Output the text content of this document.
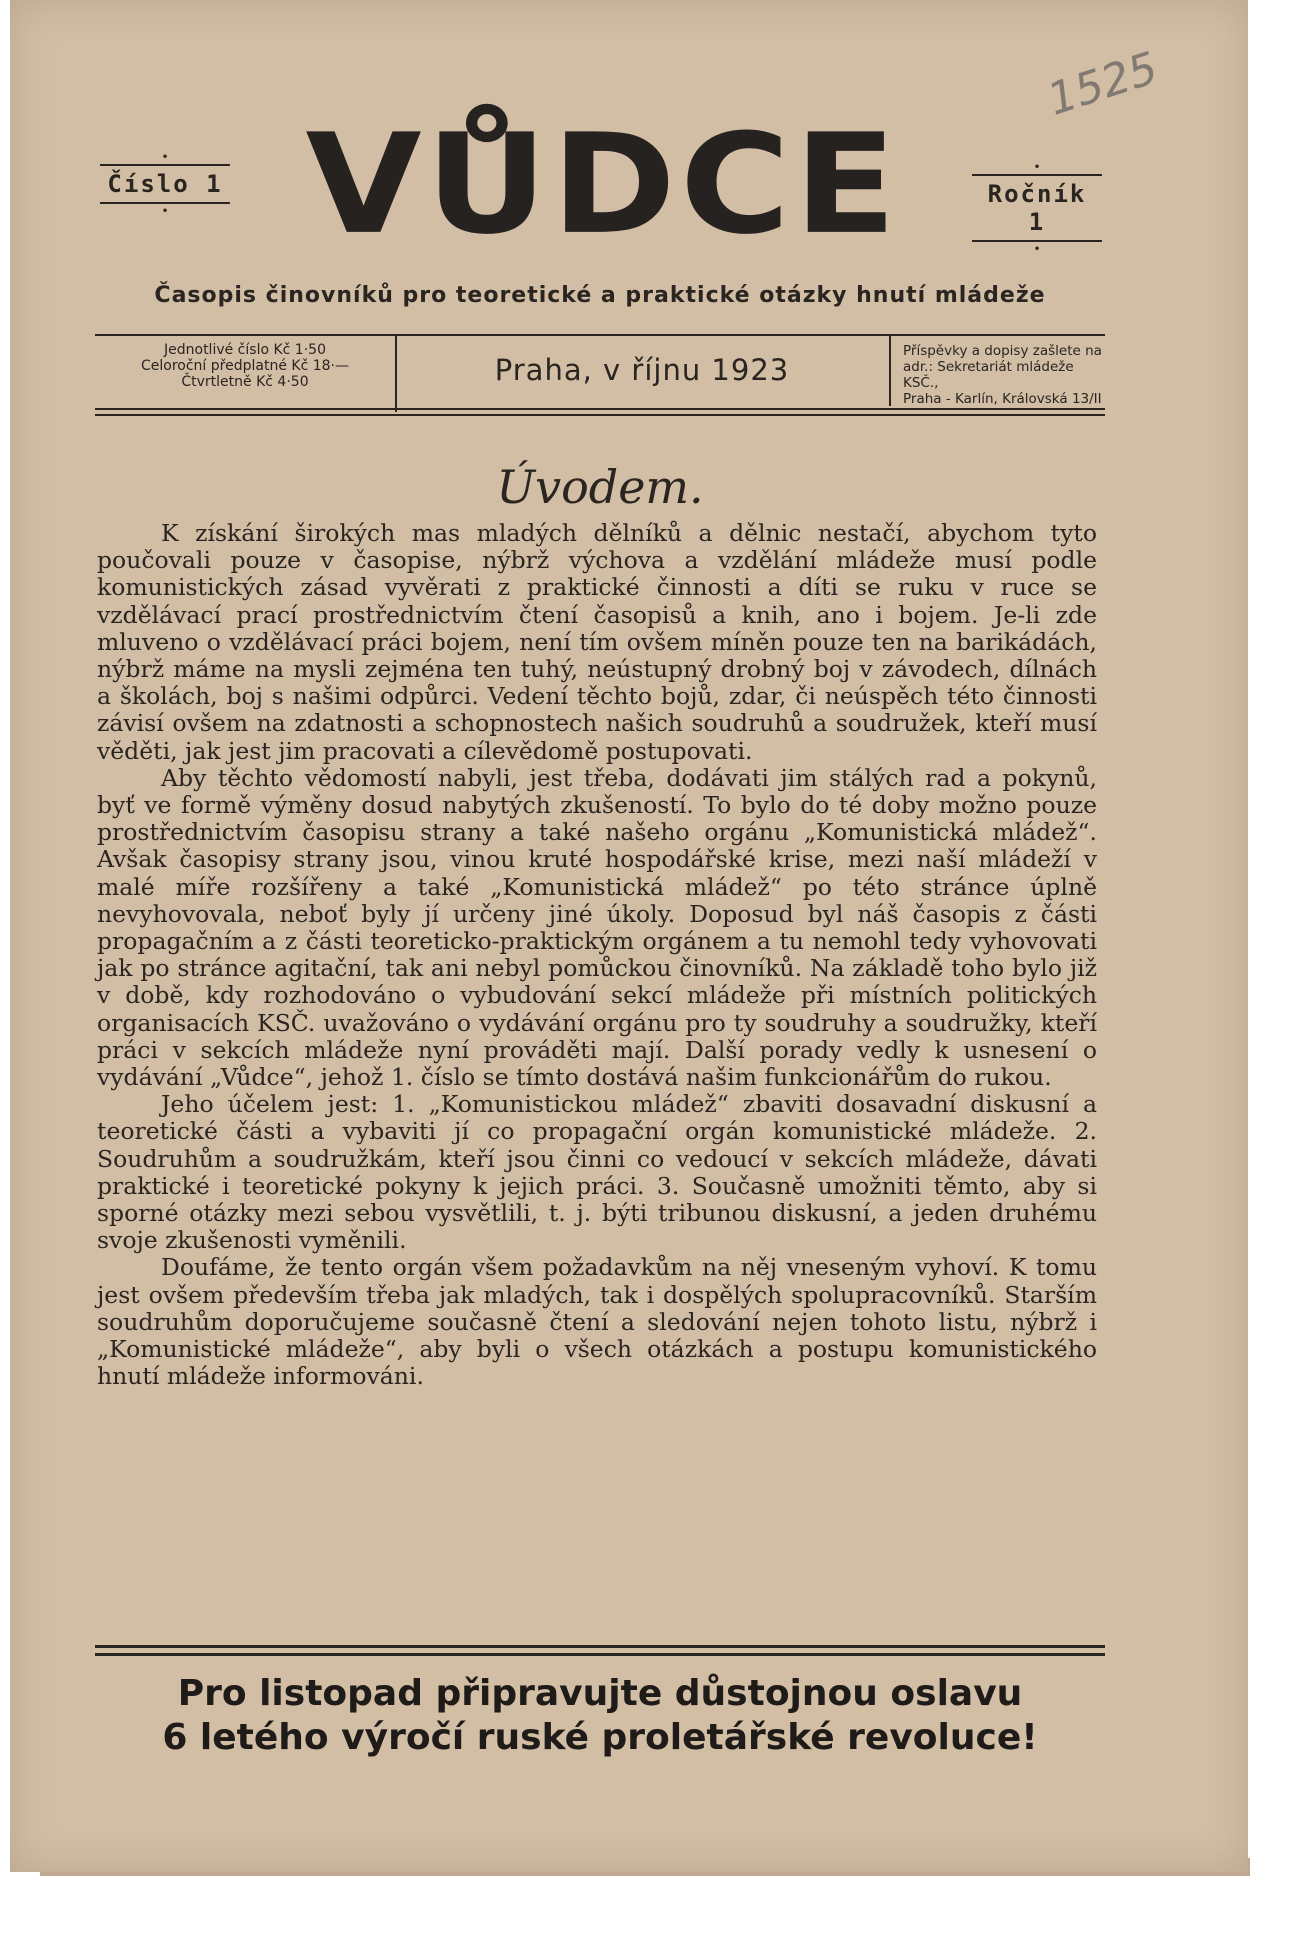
1525
•
Číslo 1
• VŮDCE	•
Ročník 1
•
Časopis činovníků pro teoretické a praktické otázky hnutí mládeže
Jednotlivé číslo Kč 1·50
Celoroční předplatné Kč 18·—
Čtvrtletně Kč 4·50	Praha, v říjnu 1923
Příspěvky a dopisy zašlete na
adr.: Sekretariát mládeže KSČ.,
Praha - Karlín, Královská 13/II
Úvodem.

K získání širokých mas mladých dělníků a dělnic nestačí, abychom tyto poučovali pouze v časopise, nýbrž výchova a vzdělání mládeže musí podle komunistických zásad vyvěrati z praktické činnosti a díti se ruku v ruce se vzdělávací prací prostřednictvím čtení časopisů a knih, ano i bojem. Je-li zde mluveno o vzdělávací práci bojem, není tím ovšem míněn pouze ten na barikádách, nýbrž máme na mysli zejména ten tuhý, neústupný drobný boj v závodech, dílnách a školách, boj s našimi odpůrci. Vedení těchto bojů, zdar, či neúspěch této činnosti závisí ovšem na zdatnosti a schopnostech našich soudruhů a soudružek, kteří musí věděti, jak jest jim pracovati a cílevědomě postupovati.

Aby těchto vědomostí nabyli, jest třeba, dodávati jim stálých rad a pokynů, byť ve formě výměny dosud nabytých zkušeností. To bylo do té doby možno pouze prostřednictvím časopisu strany a také našeho orgánu „Komunistická mládež“. Avšak časopisy strany jsou, vinou kruté hospodářské krise, mezi naší mládeží v malé míře rozšířeny a také „Komunistická mládež“ po této stránce úplně nevyhovovala, neboť byly jí určeny jiné úkoly. Doposud byl náš časopis z části propagačním a z části teoreticko-praktickým orgánem a tu nemohl tedy vyhovovati jak po stránce agitační, tak ani nebyl pomůckou činovníků. Na základě toho bylo již v době, kdy rozhodováno o vybudování sekcí mládeže při místních politických organisacích KSČ. uvažováno o vydávání orgánu pro ty soudruhy a soudružky, kteří práci v sekcích mládeže nyní prováděti mají. Další porady vedly k usnesení o vydávání „Vůdce“, jehož 1. číslo se tímto dostává našim funkcionářům do rukou.

Jeho účelem jest: 1. „Komunistickou mládež“ zbaviti dosavadní diskusní a teoretické části a vybaviti jí co propagační orgán komunistické mládeže. 2. Soudruhům a soudružkám, kteří jsou činni co vedoucí v sekcích mládeže, dávati praktické i teoretické pokyny k jejich práci. 3. Současně umožniti těmto, aby si sporné otázky mezi sebou vysvětlili, t. j. býti tribunou diskusní, a jeden druhému svoje zkušenosti vyměnili.

Doufáme, že tento orgán všem požadavkům na něj vneseným vyhoví. K tomu jest ovšem především třeba jak mladých, tak i dospělých spolupracovníků. Starším soudruhům doporučujeme současně čtení a sledování nejen tohoto listu, nýbrž i „Komunistické mládeže“, aby byli o všech otázkách a postupu komunistického hnutí mládeže informováni.

Pro listopad připravujte důstojnou oslavu
6 letého výročí ruské proletářské revoluce!
